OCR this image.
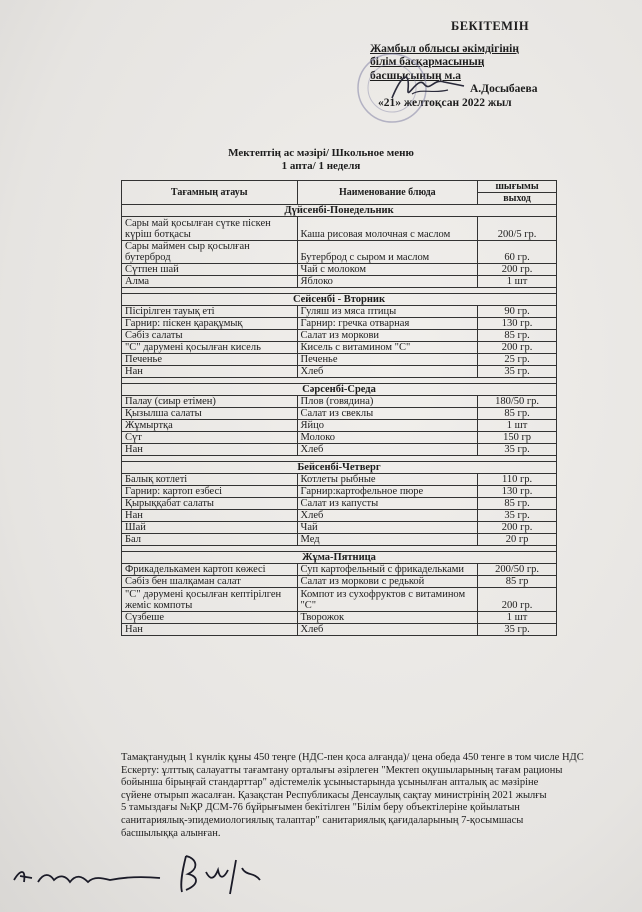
БЕКІТЕМІН
Жамбыл облысы әкімдігінің
білім басқармасының
басшысының м.а
А.Досыбаева
«21» желтоқсан 2022 жыл
Мектептің ас мәзірі/ Школьное меню
1 апта/ 1 неделя
Тағамның атауы	Наименование блюда	шығымы
		выход
Дүйсенбі-Понедельник		
Сары май қосылған сүтке піскен күріш ботқасы	Каша рисовая молочная с маслом	200/5 гр.
Сары маймен сыр қосылған бутерброд	Бутерброд с сыром и маслом	60 гр.
Сүтпен шай	Чай с молоком	200 гр.
Алма	Яблоко	1 шт

Сейсенбі - Вторник		
Пісірілген тауық еті	Гуляш из мяса птицы	90 гр.
Гарнир: піскен қарақұмық	Гарнир: гречка отварная	130 гр.
Сәбіз салаты	Салат из моркови	85 гр.
"С" даруменi қосылған кисель	Кисель с витамином "С"	200 гр.
Печенье	Печенье	25 гр.
Нан	Хлеб	35 гр.

Сәрсенбі-Среда		
Палау (сиыр етімен)	Плов (говядина)	180/50 гр.
Қызылша салаты	Салат из свеклы	85 гр.
Жұмыртқа	Яйцо	1 шт
Сүт	Молоко	150 гр
Нан	Хлеб	35 гр.

Бейсенбі-Четверг		
Балық котлеті	Котлеты рыбные	110 гр.
Гарнир: картоп езбесі	Гарнир:картофельное пюре	130 гр.
Қырыққабат салаты	Салат из капусты	85 гр.
Нан	Хлеб	35 гр.
Шай	Чай	200 гр.
Бал	Мед	20 гр

Жұма-Пятница		
Фрикаделькамен картоп көжесі	Суп картофельный с фрикадельками	200/50 гр.
Сәбіз бен шалқаман салат	Салат из моркови с редькой	85 гр
"С" дәруменi қосылған кептірілген жеміс компоты	Компот из сухофруктов с витамином "С"	200 гр.
Сүзбеше	Творожок	1 шт
Нан	Хлеб	35 гр.
Тамақтанудың 1 күнлік құны 450 теңге (НДС-пен қоса алғанда)/ цена обеда 450 тенге в том числе НДС
Ескерту: ұлттық салауатты тағамтану орталығы әзірлеген "Мектеп оқушыларының тағам рационы
бойынша бірыңғай стандарттар" әдістемелік ұсыныстарында ұсынылған апталық ас мәзіріне
сүйене отырып жасалған. Қазақстан Республикасы Денсаулық сақтау министрінің 2021 жылғы
5 тамыздағы №ҚР ДСМ-76 бұйрығымен бекітілген "Білім беру объектілеріне қойылатын
санитариялық-эпидемиологиялық талаптар" санитариялық қағидаларының 7-қосымшасы
басшылыққа алынған.
